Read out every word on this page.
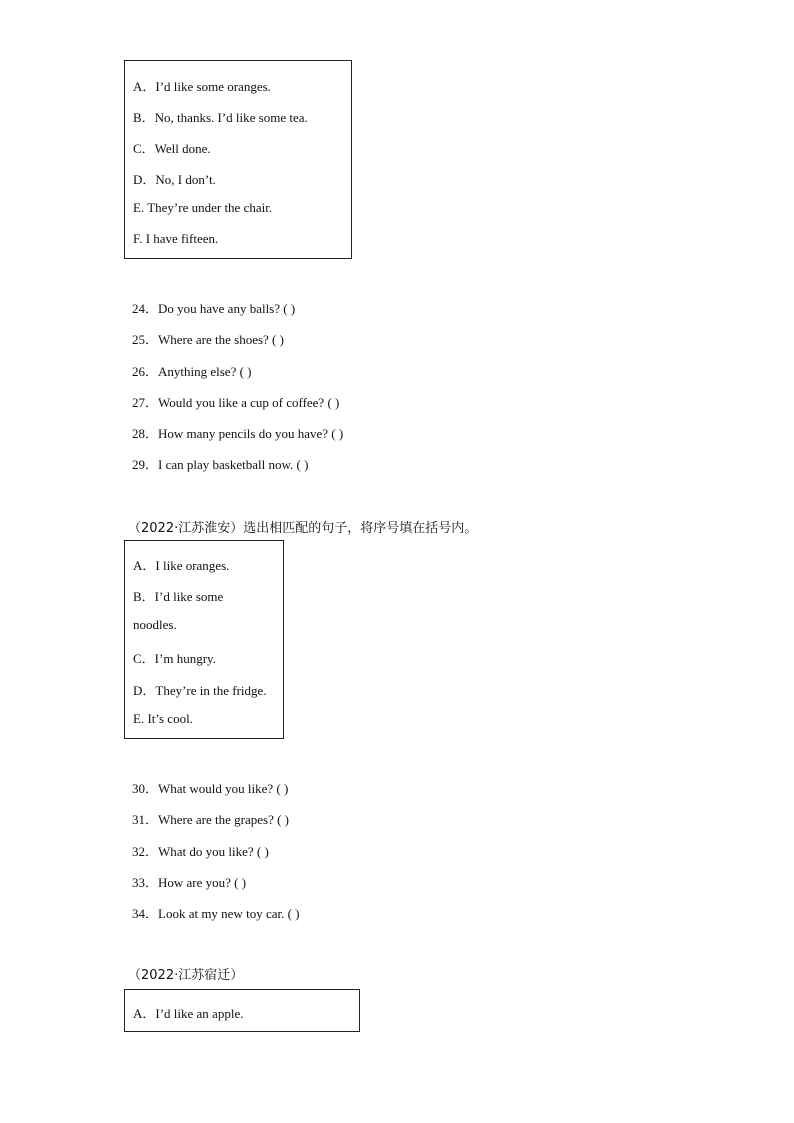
A．I’d like some oranges.
B．No, thanks. I’d like some tea.
C．Well done.
D．No, I don’t.
E. They’re under the chair.
F. I have fifteen.
24．Do you have any balls? ( )
25．Where are the shoes? ( )
26．Anything else? ( )
27．Would you like a cup of coffee? ( )
28．How many pencils do you have? ( )
29．I can play basketball now. ( )
（2022·江苏淮安）选出相匹配的句子，将序号填在括号内。
A．I like oranges.
B．I’d like some
noodles.
C．I’m hungry.
D．They’re in the fridge.
E. It’s cool.
30．What would you like? ( )
31．Where are the grapes? ( )
32．What do you like? ( )
33．How are you? ( )
34．Look at my new toy car. ( )
（2022·江苏宿迁）
A．I’d like an apple.
